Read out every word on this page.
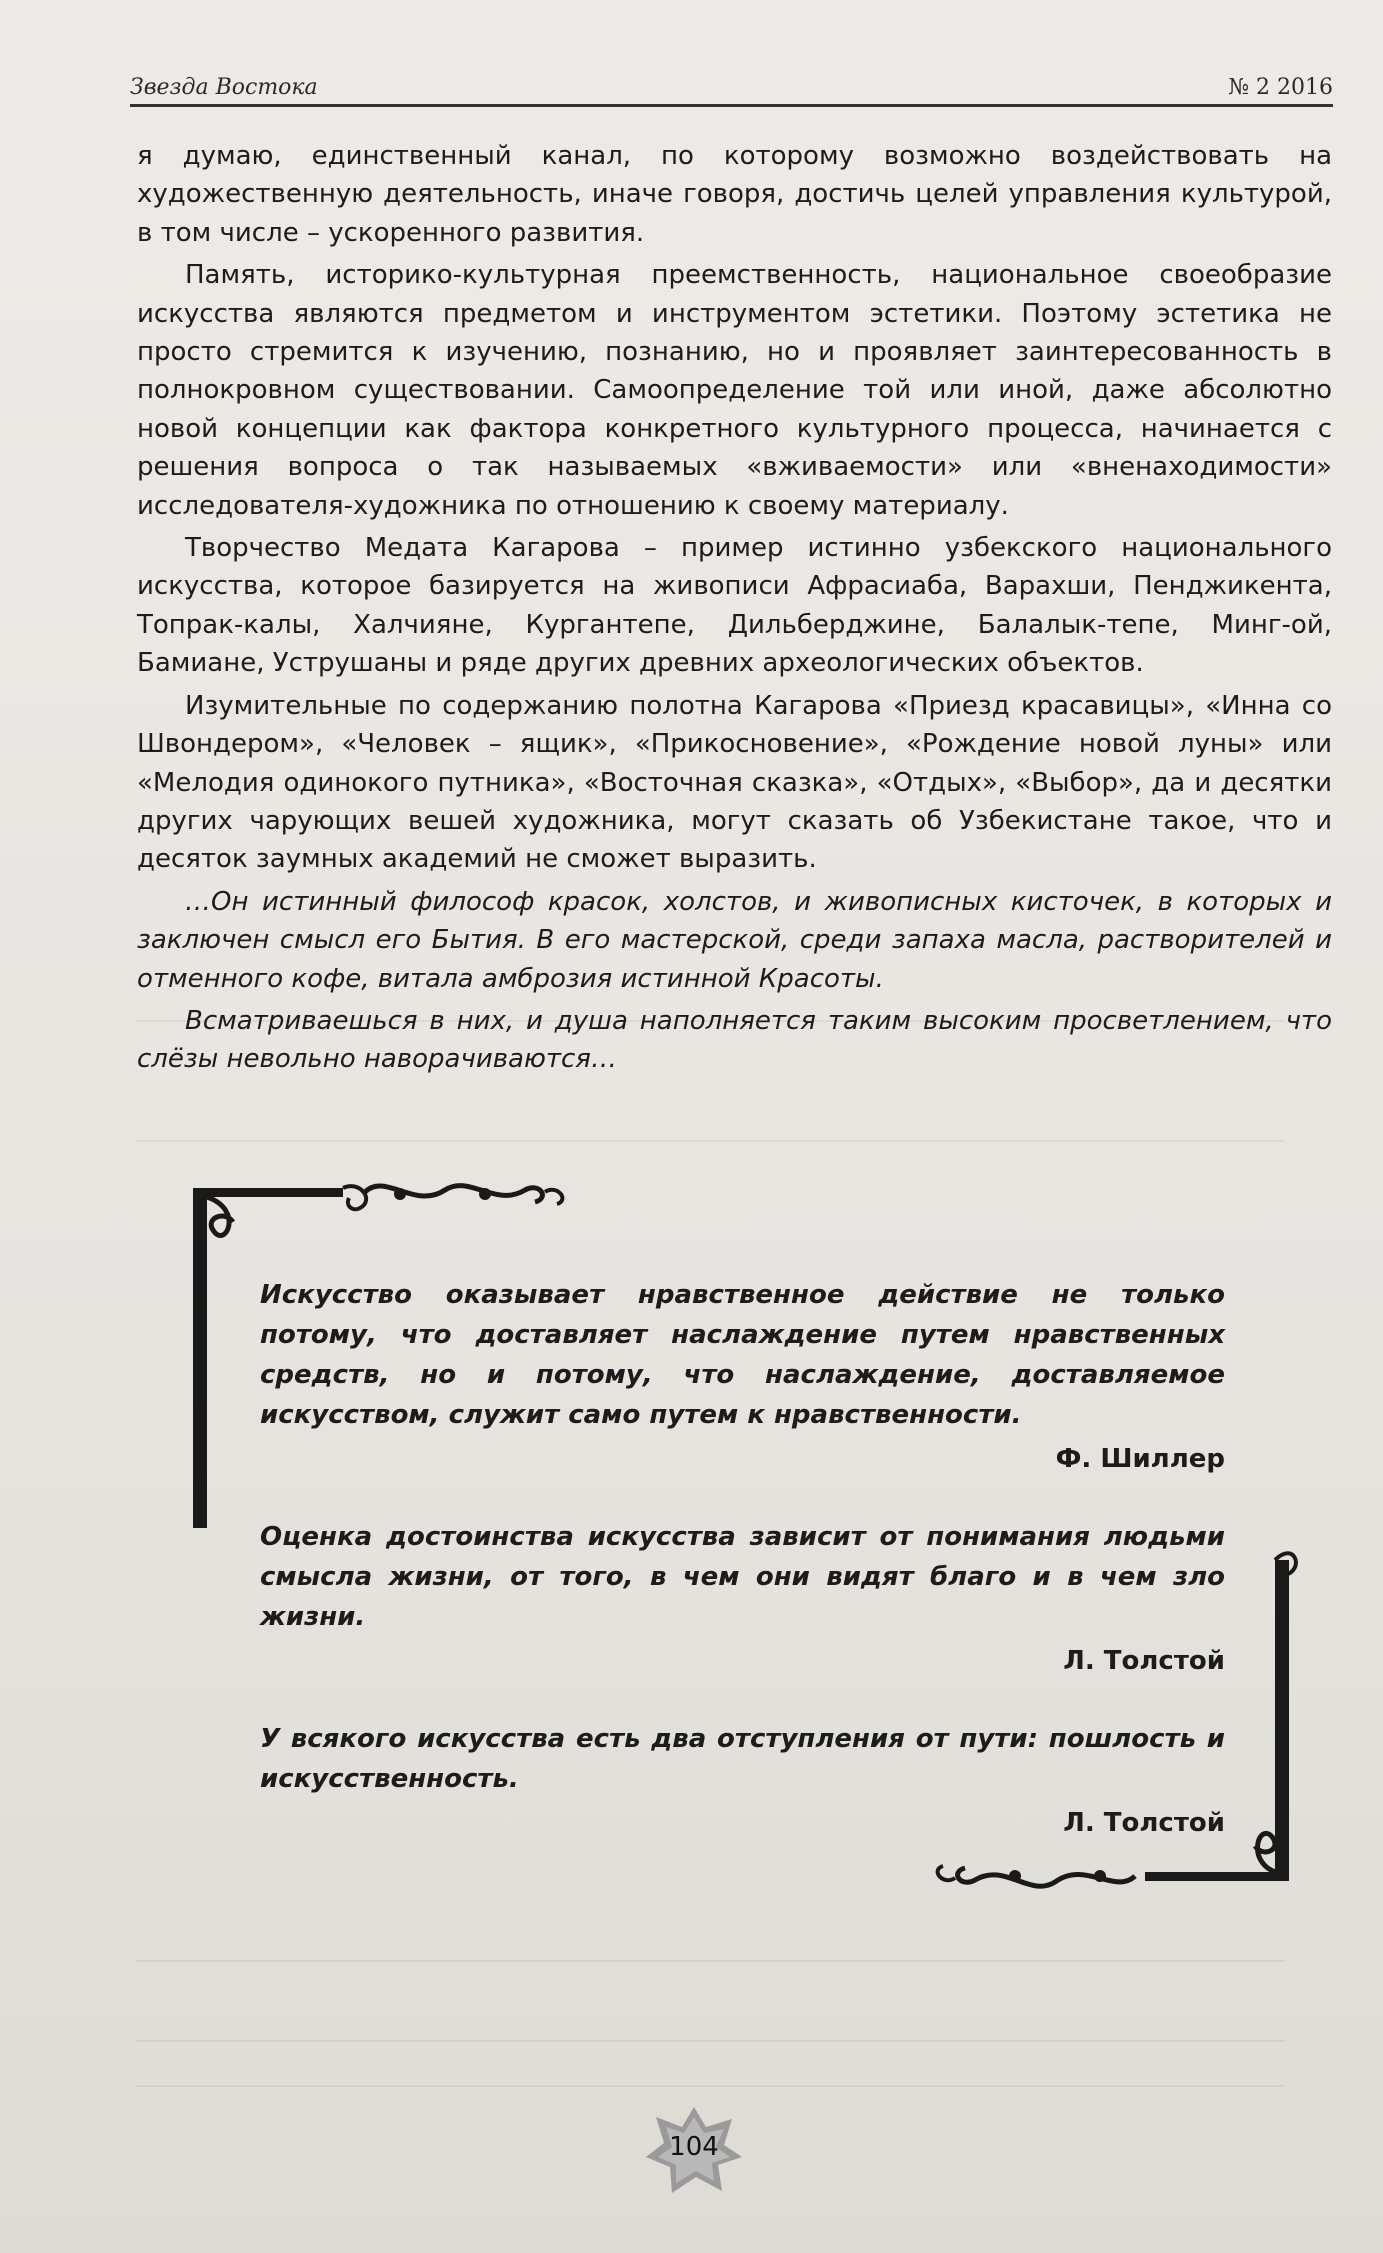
Звезда Востока	№ 2 2016

я думаю, единственный канал, по которому возможно воздействовать на художественную деятельность, иначе говоря, достичь целей управления культурой, в том числе – ускоренного развития.

Память, историко-культурная преемственность, национальное своеобразие искусства являются предметом и инструментом эстетики. Поэтому эстетика не просто стремится к изучению, познанию, но и проявляет заинтересованность в полнокровном существовании. Самоопределение той или иной, даже абсолютно новой концепции как фактора конкретного культурного процесса, начинается с решения вопроса о так называемых «вживаемости» или «вненаходимости» исследователя-художника по отношению к своему материалу.

Творчество Медата Кагарова – пример истинно узбекского национального искусства, которое базируется на живописи Афрасиаба, Варахши, Пенджикента, Топрак-калы, Халчияне, Кургантепе, Дильберджине, Балалык-тепе, Минг-ой, Бамиане, Уструшаны и ряде других древних археологических объектов.

Изумительные по содержанию полотна Кагарова «Приезд красавицы», «Инна со Швондером», «Человек – ящик», «Прикосновение», «Рождение новой луны» или «Мелодия одинокого путника», «Восточная сказка», «Отдых», «Выбор», да и десятки других чарующих вешей художника, могут сказать об Узбекистане такое, что и десяток заумных академий не сможет выразить.

…Он истинный философ красок, холстов, и живописных кисточек, в которых и заключен смысл его Бытия. В его мастерской, среди запаха масла, растворителей и отменного кофе, витала амброзия истинной Красоты.

Всматриваешься в них, и душа наполняется таким высоким просветлением, что слёзы невольно наворачиваются…

Искусство оказывает нравственное действие не только потому, что доставляет наслаждение путем нравственных средств, но и потому, что наслаждение, доставляемое искусством, служит само путем к нравственности.

Ф. Шиллер

Оценка достоинства искусства зависит от понимания людьми смысла жизни, от того, в чем они видят благо и в чем зло жизни.

Л. Толстой

У всякого искусства есть два отступления от пути: пошлость и искусственность.

Л. Толстой

104
